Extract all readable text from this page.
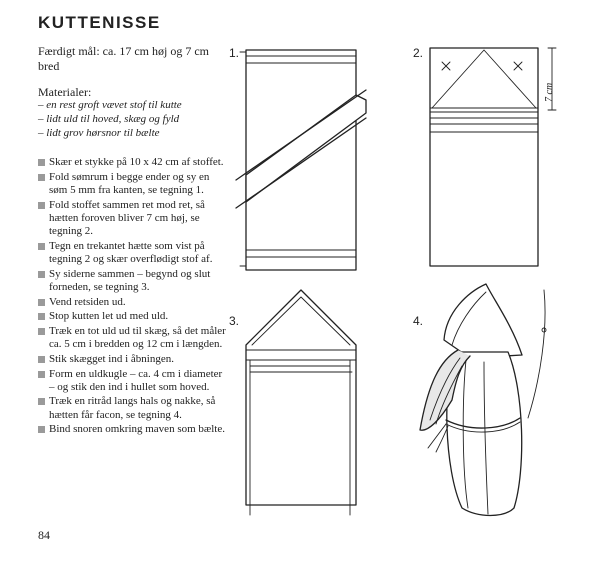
KUTTENISSE
Færdigt mål: ca. 17 cm høj og 7 cm bred
Materialer:
– en rest groft vævet stof til kutte
– lidt uld til hoved, skæg og fyld
– lidt grov hørsnor til bælte
Skær et stykke på 10 x 42 cm af stoffet.
Fold sømrum i begge ender og sy en søm 5 mm fra kanten, se tegning 1.
Fold stoffet sammen ret mod ret, så hætten foroven bliver 7 cm høj, se tegning 2.
Tegn en trekantet hætte som vist på tegning 2 og skær overflødigt stof af.
Sy siderne sammen – begynd og slut forneden, se tegning 3.
Vend retsiden ud.
Stop kutten let ud med uld.
Træk en tot uld ud til skæg, så det måler ca. 5 cm i bredden og 12 cm i længden.
Stik skægget ind i åbningen.
Form en uldkugle – ca. 4 cm i diameter – og stik den ind i hullet som hoved.
Træk en ritråd langs hals og nakke, så hætten får facon, se tegning 4.
Bind snoren omkring maven som bælte.
84
1.	2.
3.	4.
7 cm
